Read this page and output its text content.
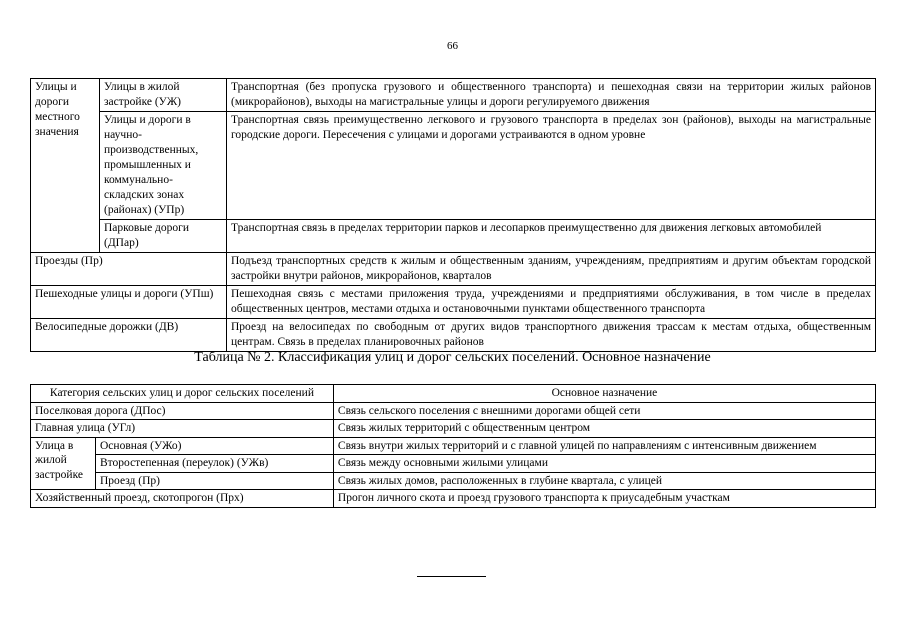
66
Улицы и дороги местного значения	Улицы в жилой застройке (УЖ)	Транспортная (без пропуска грузового и общественного транспорта) и пешеходная связи на территории жилых районов (микрорайонов), выходы на магистральные улицы и дороги регулируемого движения
	Улицы и дороги в научно-производственных, промышленных и коммунально-складских зонах (районах) (УПр)	Транспортная связь преимущественно легкового и грузового транспорта в пределах зон (районов), выходы на магистральные городские дороги. Пересечения с улицами и дорогами устраиваются в одном уровне
	Парковые дороги (ДПар)	Транспортная связь в пределах территории парков и лесопарков преимущественно для движения легковых автомобилей
Проезды (Пр)		Подъезд транспортных средств к жилым и общественным зданиям, учреждениям, предприятиям и другим объектам городской застройки внутри районов, микрорайонов, кварталов
Пешеходные улицы и дороги (УПш)		Пешеходная связь с местами приложения труда, учреждениями и предприятиями обслуживания, в том числе в пределах общественных центров, местами отдыха и остановочными пунктами общественного транспорта
Велосипедные дорожки (ДВ)		Проезд на велосипедах по свободным от других видов транспортного движения трассам к местам отдыха, общественным центрам. Связь в пределах планировочных районов
Таблица № 2. Классификация улиц и дорог сельских поселений. Основное назначение
Категория сельских улиц и дорог сельских поселений		Основное назначение
Поселковая дорога (ДПос)		Связь сельского поселения с внешними дорогами общей сети
Главная улица (УГл)		Связь жилых территорий с общественным центром
Улица в жилой застройке	Основная (УЖо)	Связь внутри жилых территорий и с главной улицей по направлениям с интенсивным движением
	Второстепенная (переулок) (УЖв)	Связь между основными жилыми улицами
	Проезд (Пр)	Связь жилых домов, расположенных в глубине квартала, с улицей
Хозяйственный проезд, скотопрогон (Прх)		Прогон личного скота и проезд грузового транспорта к приусадебным участкам
